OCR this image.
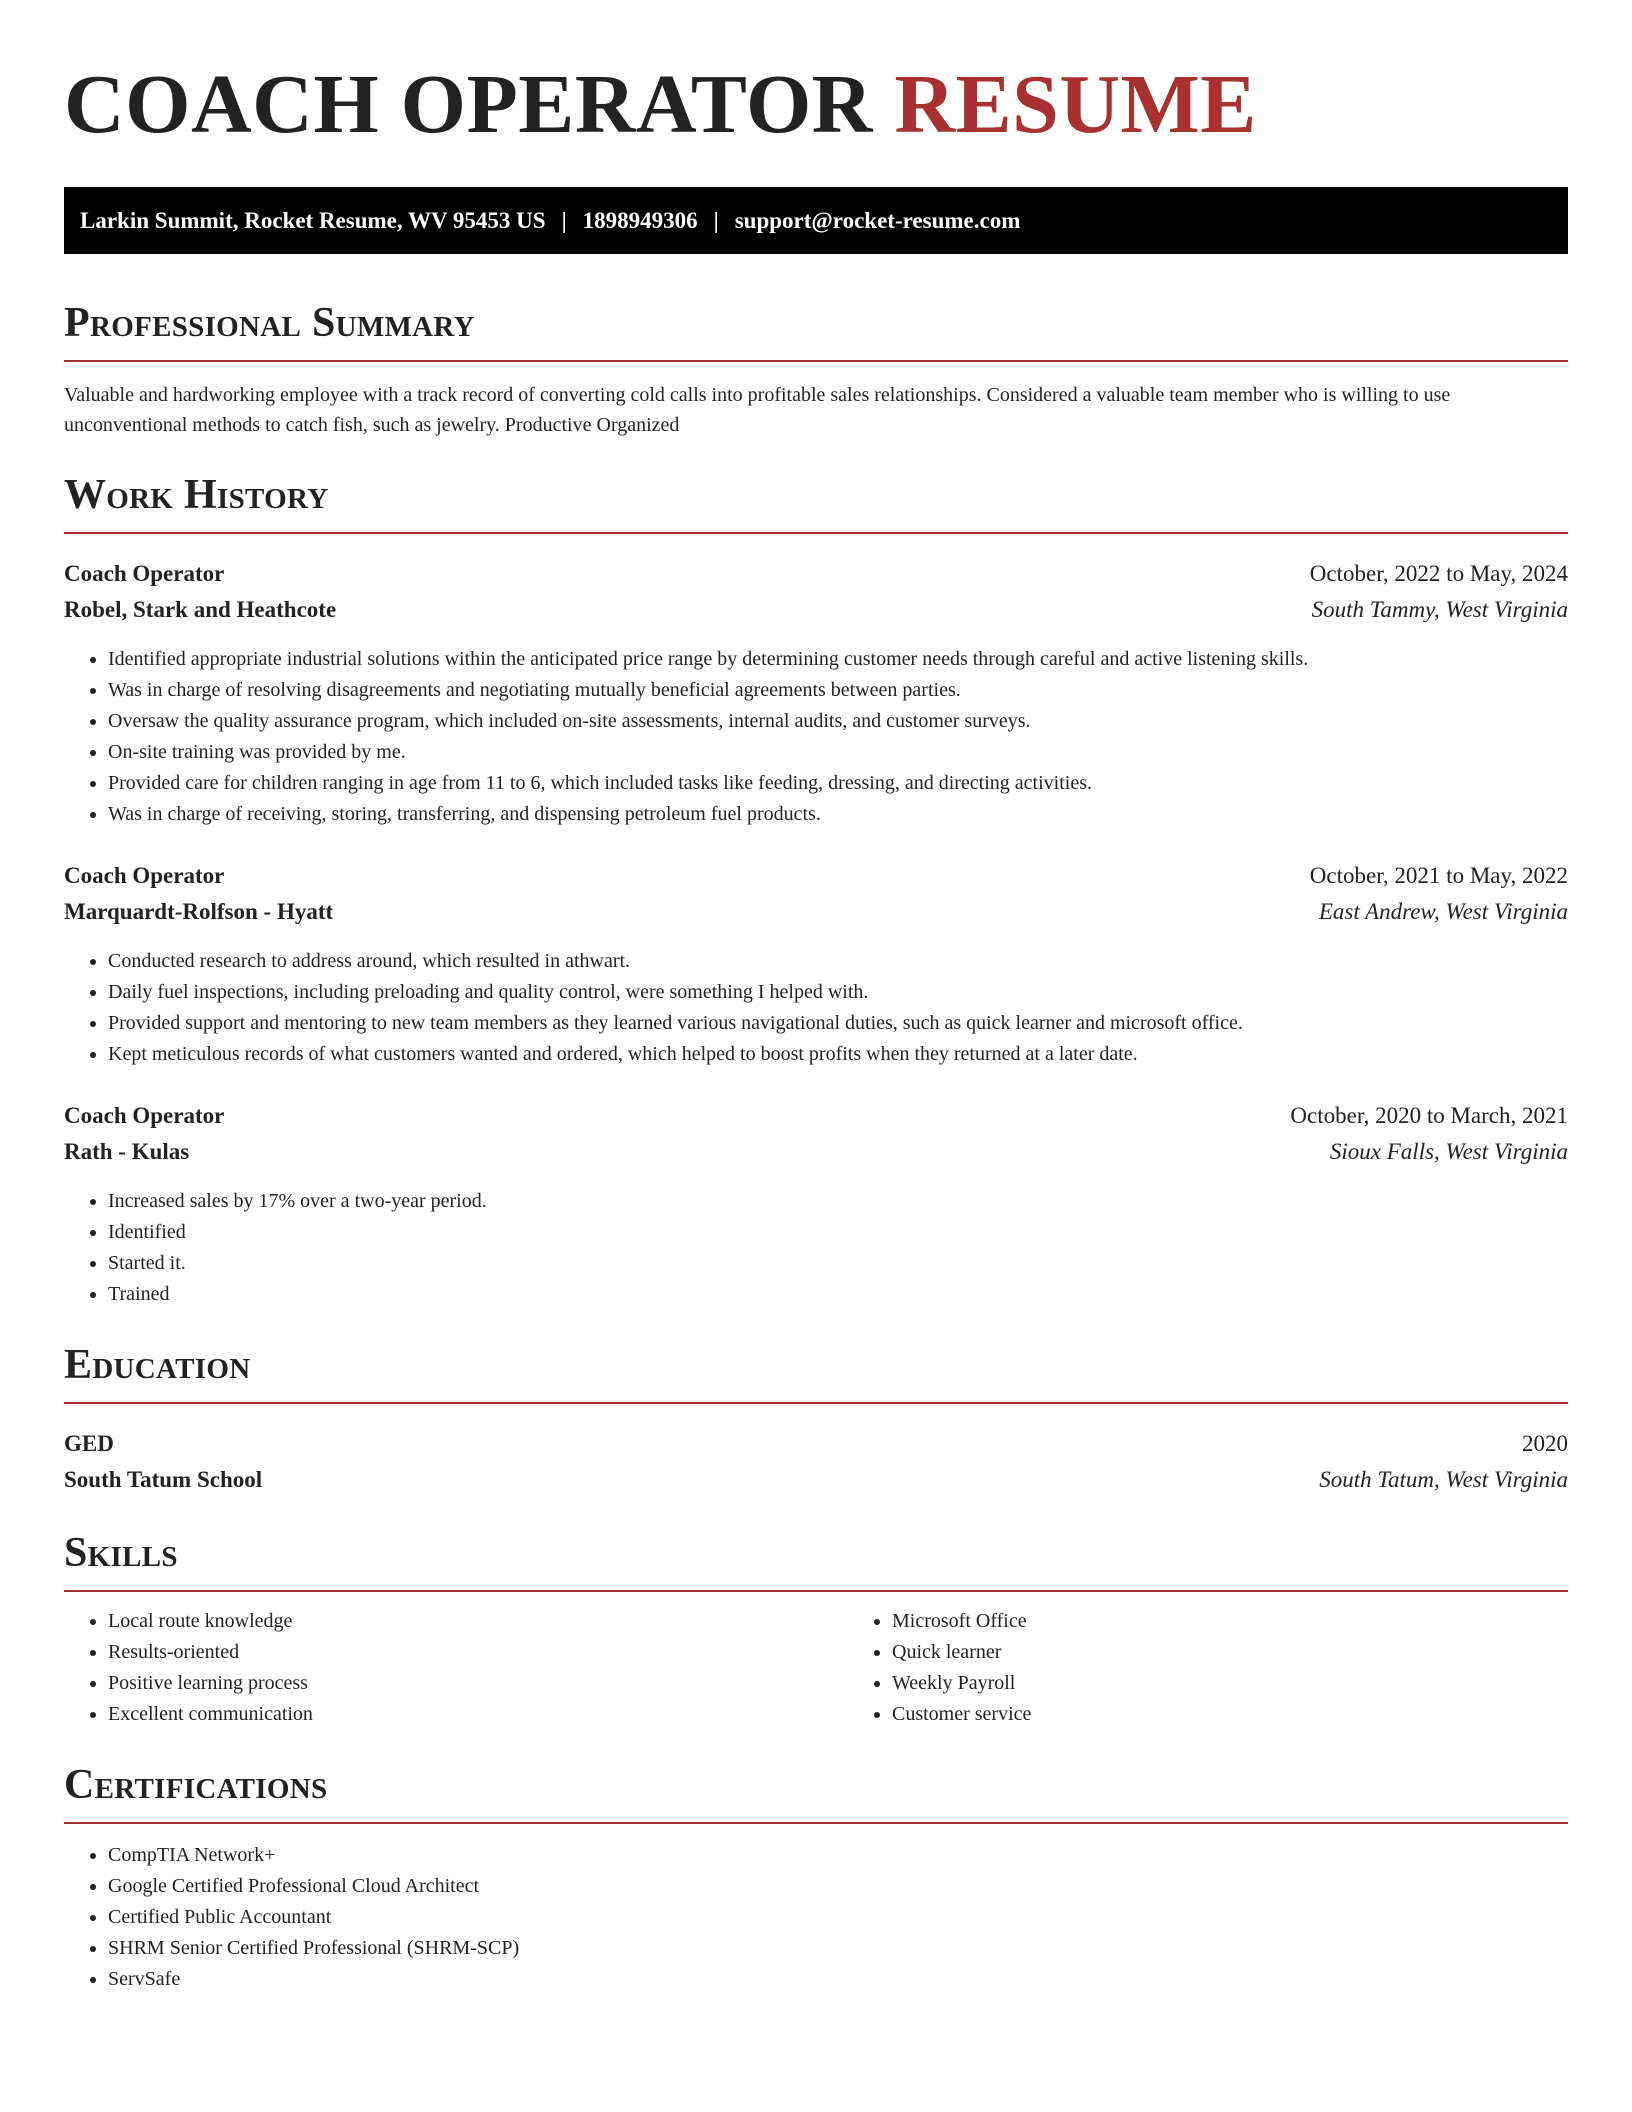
COACH OPERATOR RESUME
Larkin Summit, Rocket Resume, WV 95453 US | 1898949306 | support@rocket-resume.com
Professional Summary

Valuable and hardworking employee with a track record of converting cold calls into profitable sales relationships. Considered a valuable team member who is willing to use unconventional methods to catch fish, such as jewelry. Productive Organized

Work History
Coach Operator	October, 2022 to May, 2024
Robel, Stark and Heathcote	South Tammy, West Virginia
• Identified appropriate industrial solutions within the anticipated price range by determining customer needs through careful and active listening skills.
• Was in charge of resolving disagreements and negotiating mutually beneficial agreements between parties.
• Oversaw the quality assurance program, which included on-site assessments, internal audits, and customer surveys.
• On-site training was provided by me.
• Provided care for children ranging in age from 11 to 6, which included tasks like feeding, dressing, and directing activities.
• Was in charge of receiving, storing, transferring, and dispensing petroleum fuel products.
Coach Operator	October, 2021 to May, 2022
Marquardt-Rolfson - Hyatt	East Andrew, West Virginia
• Conducted research to address around, which resulted in athwart.
• Daily fuel inspections, including preloading and quality control, were something I helped with.
• Provided support and mentoring to new team members as they learned various navigational duties, such as quick learner and microsoft office.
• Kept meticulous records of what customers wanted and ordered, which helped to boost profits when they returned at a later date.
Coach Operator	October, 2020 to March, 2021
Rath - Kulas	Sioux Falls, West Virginia
• Increased sales by 17% over a two-year period.
• Identified
• Started it.
• Trained
Education
GED	2020
South Tatum School	South Tatum, West Virginia
Skills
• Local route knowledge
• Results-oriented
• Positive learning process
• Excellent communication
• Microsoft Office
• Quick learner
• Weekly Payroll
• Customer service
Certifications
• CompTIA Network+
• Google Certified Professional Cloud Architect
• Certified Public Accountant
• SHRM Senior Certified Professional (SHRM-SCP)
• ServSafe
